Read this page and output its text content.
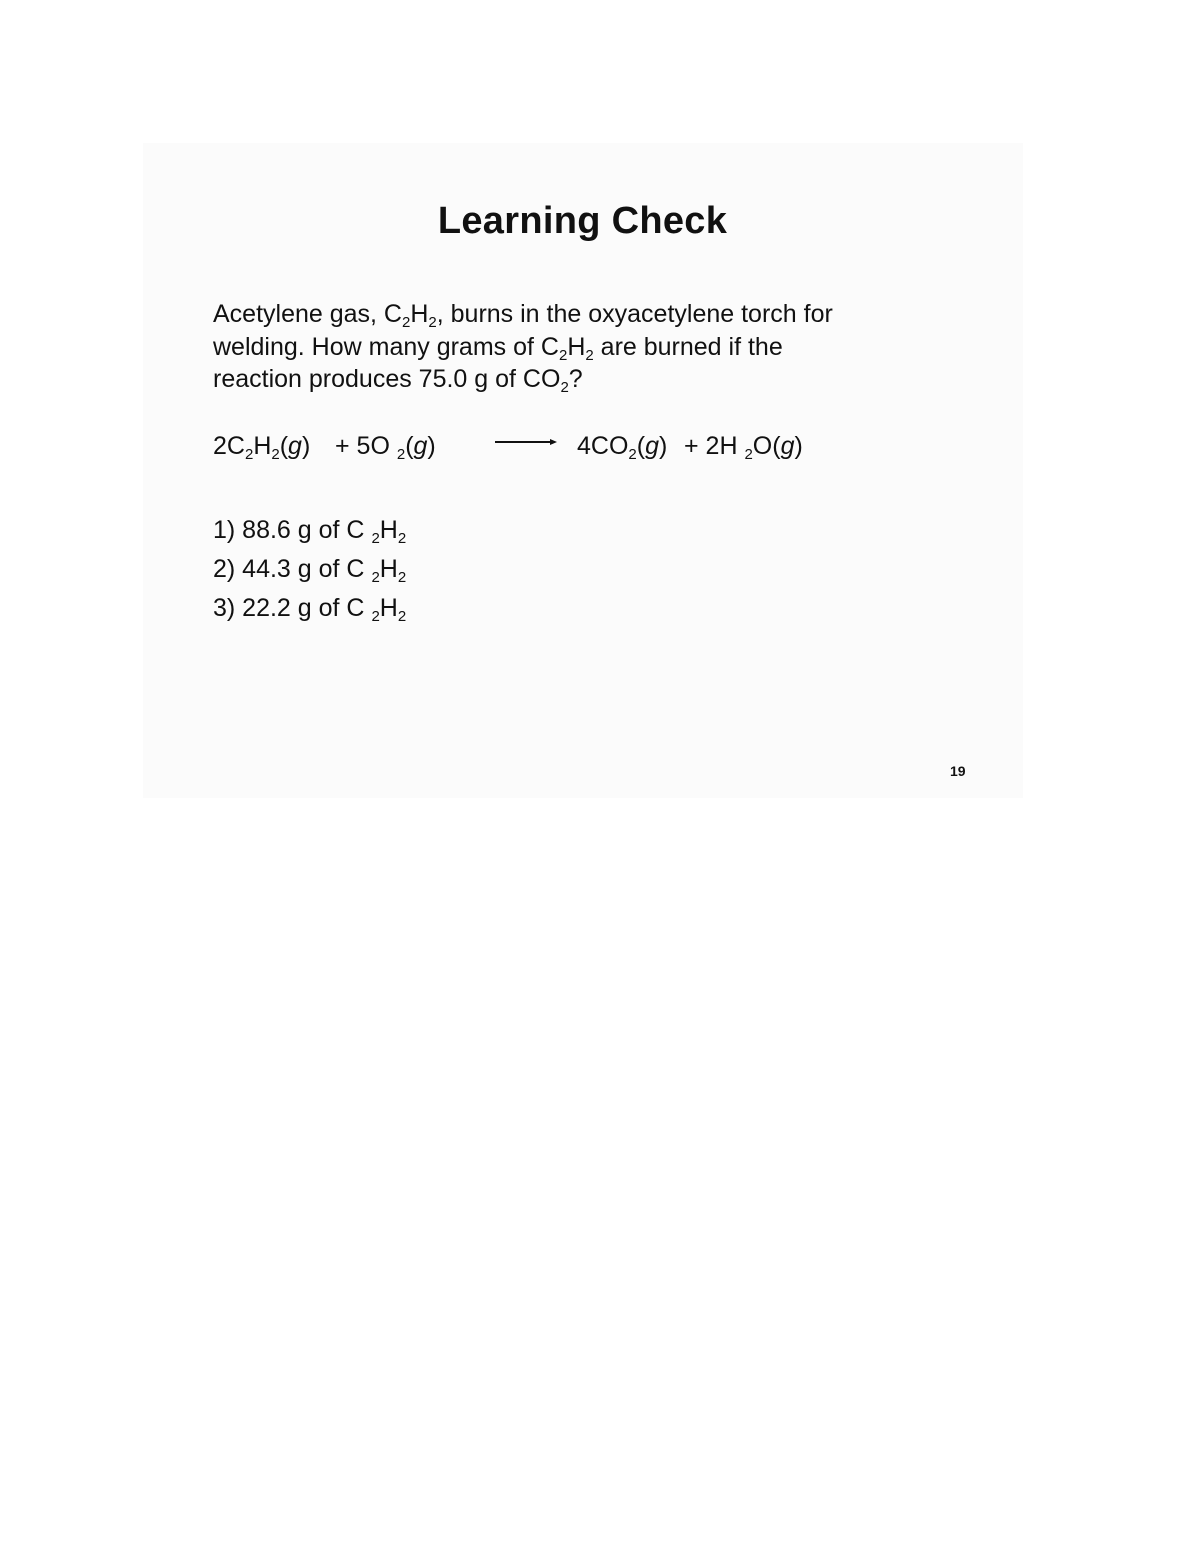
Learning Check
Acetylene gas, $C_2H_2$, burns in the oxyacetylene torch for
welding. How many grams of $C_2H_2$ are burned if the
reaction produces 75.0 g of $CO_2$?
$2C_2H_2(g) + 5O$ $_2(g) \to 4CO_2(g) + 2H$ $_2$O(g)
1) 88.6 g of C $_2H_2$
2) 44.3 g of C $_2H_2$
3) 22.2 g of C $_2H_2$
19
